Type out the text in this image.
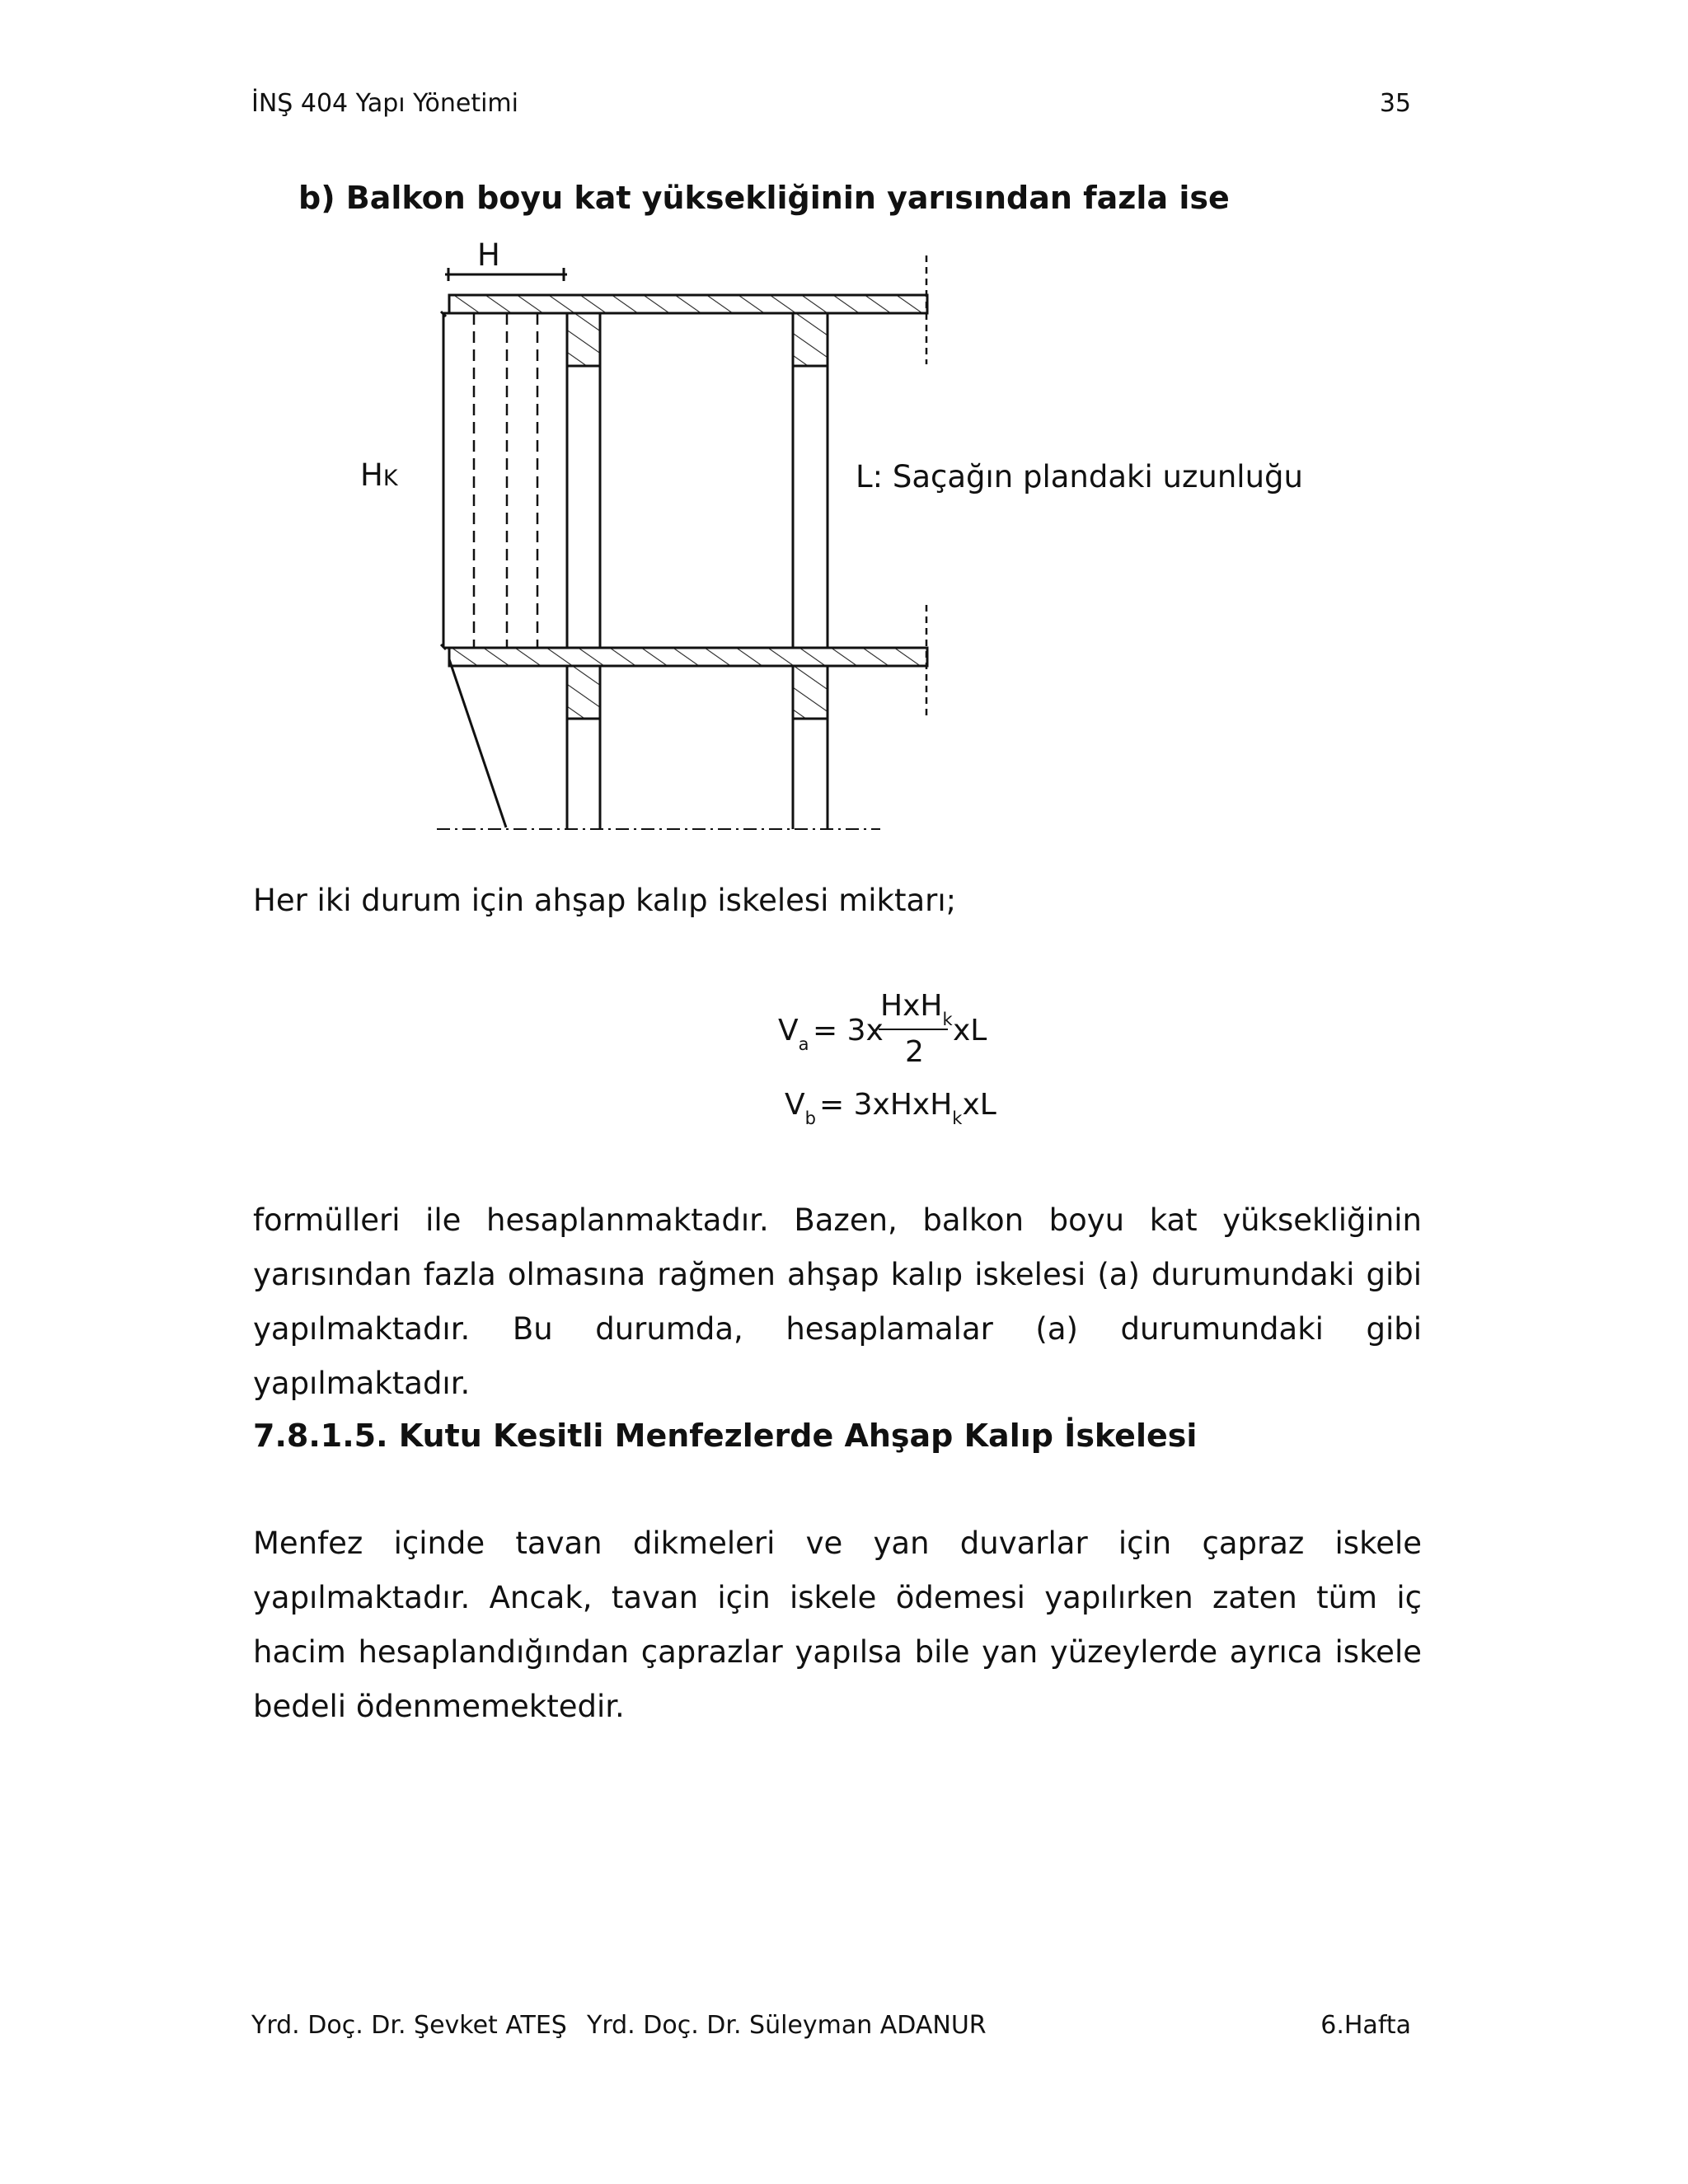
İNŞ 404 Yapı Yönetimi	35
b) Balkon boyu kat yüksekliğinin yarısından fazla ise
H
HK	L: Saçağın plandaki uzunluğu
Her iki durum için ahşap kalıp iskelesi miktarı;
$V_a = 3x$
HxH$_k$
2
xL
$V_b$ = 3xHxH$_k$xL
formülleri ile hesaplanmaktadır. Bazen, balkon boyu kat yüksekliğinin yarısından fazla olmasına rağmen ahşap kalıp iskelesi (a) durumundaki gibi yapılmaktadır. Bu durumda, hesaplamalar (a) durumundaki gibi yapılmaktadır.
7.8.1.5. Kutu Kesitli Menfezlerde Ahşap Kalıp İskelesi
Menfez içinde tavan dikmeleri ve yan duvarlar için çapraz iskele yapılmaktadır. Ancak, tavan için iskele ödemesi yapılırken zaten tüm iç hacim hesaplandığından çaprazlar yapılsa bile yan yüzeylerde ayrıca iskele bedeli ödenmemektedir.
Yrd. Doç. Dr. Şevket ATEŞ Yrd. Doç. Dr. Süleyman ADANUR	6.Hafta
